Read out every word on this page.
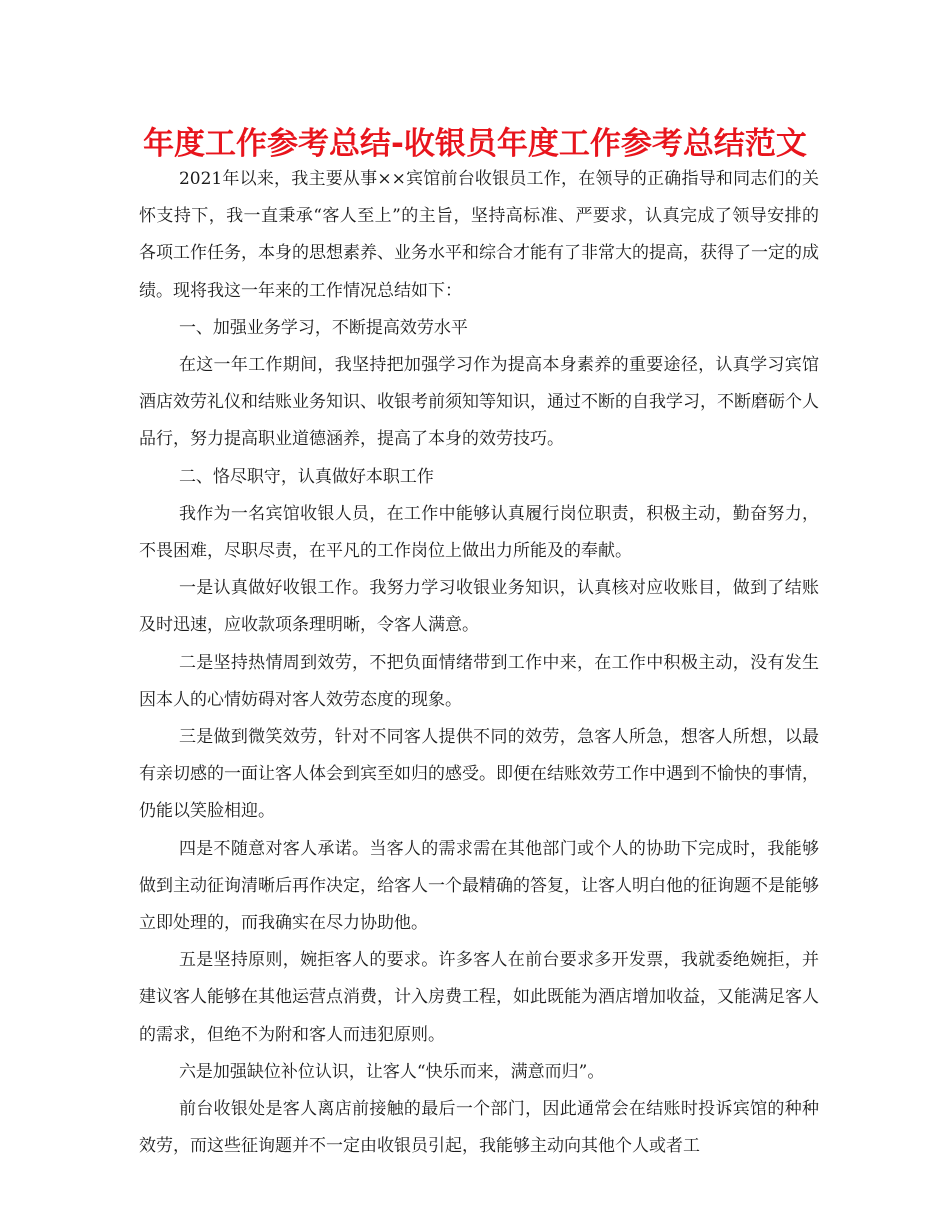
年度工作参考总结-收银员年度工作参考总结范文

2021年以来，我主要从事××宾馆前台收银员工作，在领导的正确指导和同志们的关怀支持下，我一直秉承“客人至上”的主旨，坚持高标准、严要求，认真完成了领导安排的各项工作任务，本身的思想素养、业务水平和综合才能有了非常大的提高，获得了一定的成绩。现将我这一年来的工作情况总结如下：

一、加强业务学习，不断提高效劳水平

在这一年工作期间，我坚持把加强学习作为提高本身素养的重要途径，认真学习宾馆酒店效劳礼仪和结账业务知识、收银考前须知等知识，通过不断的自我学习，不断磨砺个人品行，努力提高职业道德涵养，提高了本身的效劳技巧。

二、恪尽职守，认真做好本职工作

我作为一名宾馆收银人员，在工作中能够认真履行岗位职责，积极主动，勤奋努力，不畏困难，尽职尽责，在平凡的工作岗位上做出力所能及的奉献。

一是认真做好收银工作。我努力学习收银业务知识，认真核对应收账目，做到了结账及时迅速，应收款项条理明晰，令客人满意。

二是坚持热情周到效劳，不把负面情绪带到工作中来，在工作中积极主动，没有发生因本人的心情妨碍对客人效劳态度的现象。

三是做到微笑效劳，针对不同客人提供不同的效劳，急客人所急，想客人所想，以最有亲切感的一面让客人体会到宾至如归的感受。即便在结账效劳工作中遇到不愉快的事情，仍能以笑脸相迎。

四是不随意对客人承诺。当客人的需求需在其他部门或个人的协助下完成时，我能够做到主动征询清晰后再作决定，给客人一个最精确的答复，让客人明白他的征询题不是能够立即处理的，而我确实在尽力协助他。

五是坚持原则，婉拒客人的要求。许多客人在前台要求多开发票，我就委绝婉拒，并建议客人能够在其他运营点消费，计入房费工程，如此既能为酒店增加收益，又能满足客人的需求，但绝不为附和客人而违犯原则。

六是加强缺位补位认识，让客人“快乐而来，满意而归”。

前台收银处是客人离店前接触的最后一个部门，因此通常会在结账时投诉宾馆的种种效劳，而这些征询题并不一定由收银员引起，我能够主动向其他个人或者工
